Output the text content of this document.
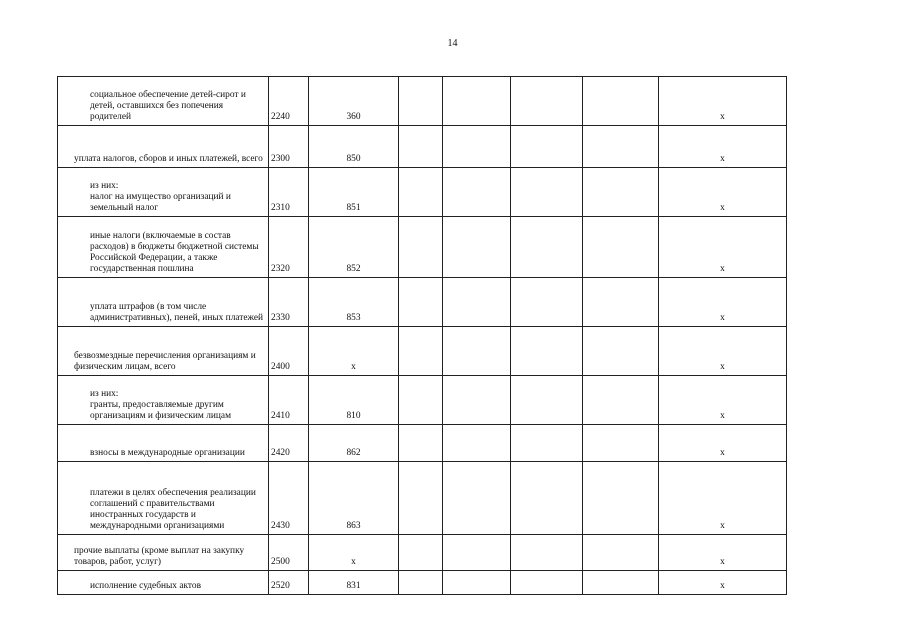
14
социальное обеспечение детей-сирот и детей, оставшихся без попечения родителей	2240	360					x
уплата налогов, сборов и иных платежей, всего	2300	850					x
из них:
налог на имущество организаций и земельный налог	2310	851					x
иные налоги (включаемые в состав расходов) в бюджеты бюджетной системы Российской Федерации, а также государственная пошлина	2320	852					x
уплата штрафов (в том числе административных), пеней, иных платежей	2330	853					x
безвозмездные перечисления организациям и физическим лицам, всего	2400	x					x
из них:
гранты, предоставляемые другим организациям и физическим лицам	2410	810					x
взносы в международные организации	2420	862					x
платежи в целях обеспечения реализации соглашений с правительствами иностранных государств и международными организациями	2430	863					x
прочие выплаты (кроме выплат на закупку товаров, работ, услуг)	2500	x					x
исполнение судебных актов	2520	831					x
